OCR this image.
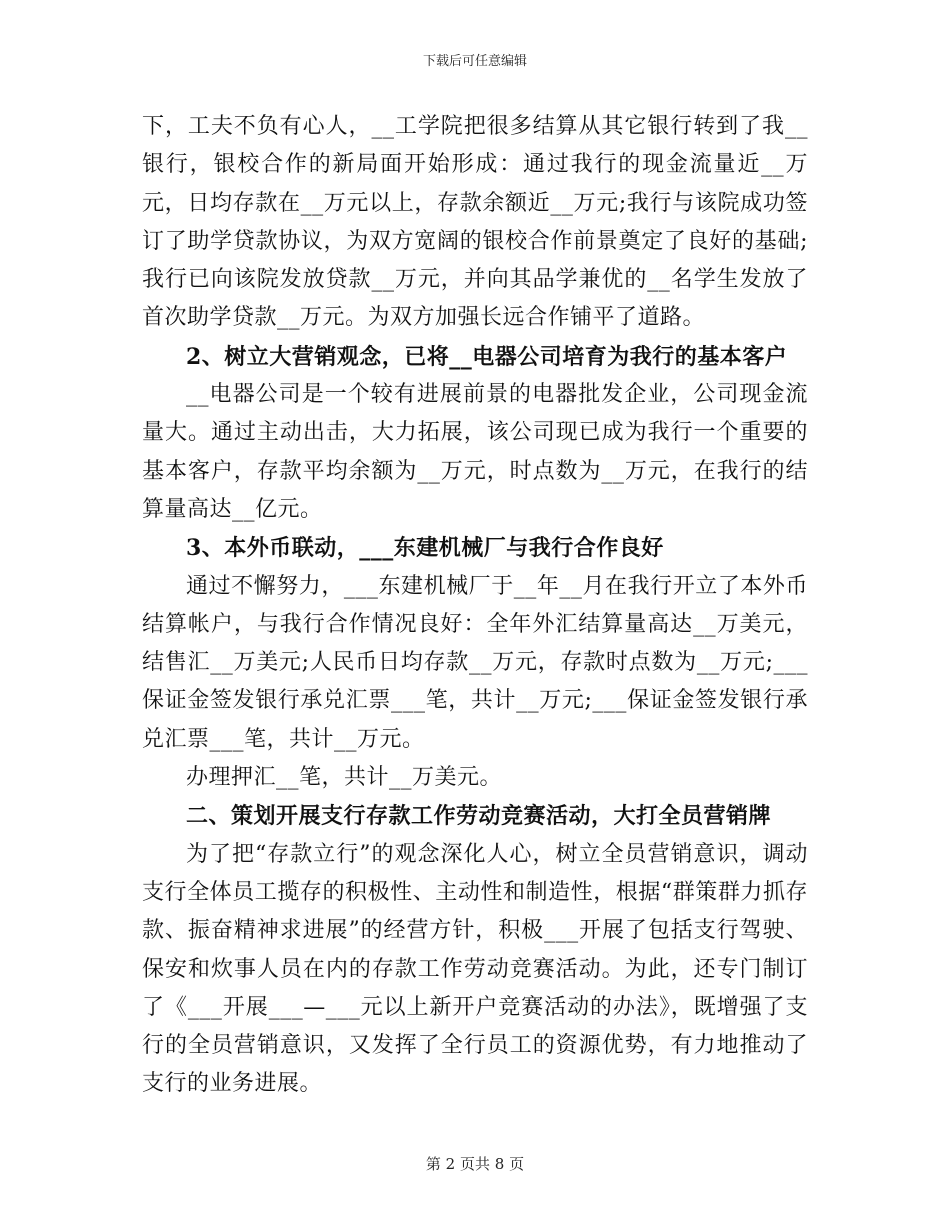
下载后可任意编辑

下，工夫不负有心人，__工学院把很多结算从其它银行转到了我__银行，银校合作的新局面开始形成：通过我行的现金流量近__万元，日均存款在__万元以上，存款余额近__万元;我行与该院成功签订了助学贷款协议，为双方宽阔的银校合作前景奠定了良好的基础;我行已向该院发放贷款__万元，并向其品学兼优的__名学生发放了首次助学贷款__万元。为双方加强长远合作铺平了道路。

2、树立大营销观念，已将__电器公司培育为我行的基本客户

__电器公司是一个较有进展前景的电器批发企业，公司现金流量大。通过主动出击，大力拓展，该公司现已成为我行一个重要的基本客户，存款平均余额为__万元，时点数为__万元，在我行的结算量高达__亿元。

3、本外币联动，___东建机械厂与我行合作良好

通过不懈努力，___东建机械厂于__年__月在我行开立了本外币结算帐户，与我行合作情况良好：全年外汇结算量高达__万美元，结售汇__万美元;人民币日均存款__万元，存款时点数为__万元;___保证金签发银行承兑汇票___笔，共计__万元;___保证金签发银行承兑汇票___笔，共计__万元。

办理押汇__笔，共计__万美元。

二、策划开展支行存款工作劳动竞赛活动，大打全员营销牌

为了把“存款立行”的观念深化人心，树立全员营销意识，调动支行全体员工揽存的积极性、主动性和制造性，根据“群策群力抓存款、振奋精神求进展”的经营方针，积极___开展了包括支行驾驶、保安和炊事人员在内的存款工作劳动竞赛活动。为此，还专门制订了《___开展___—___元以上新开户竞赛活动的办法》，既增强了支行的全员营销意识，又发挥了全行员工的资源优势，有力地推动了支行的业务进展。

第 2 页共 8 页
